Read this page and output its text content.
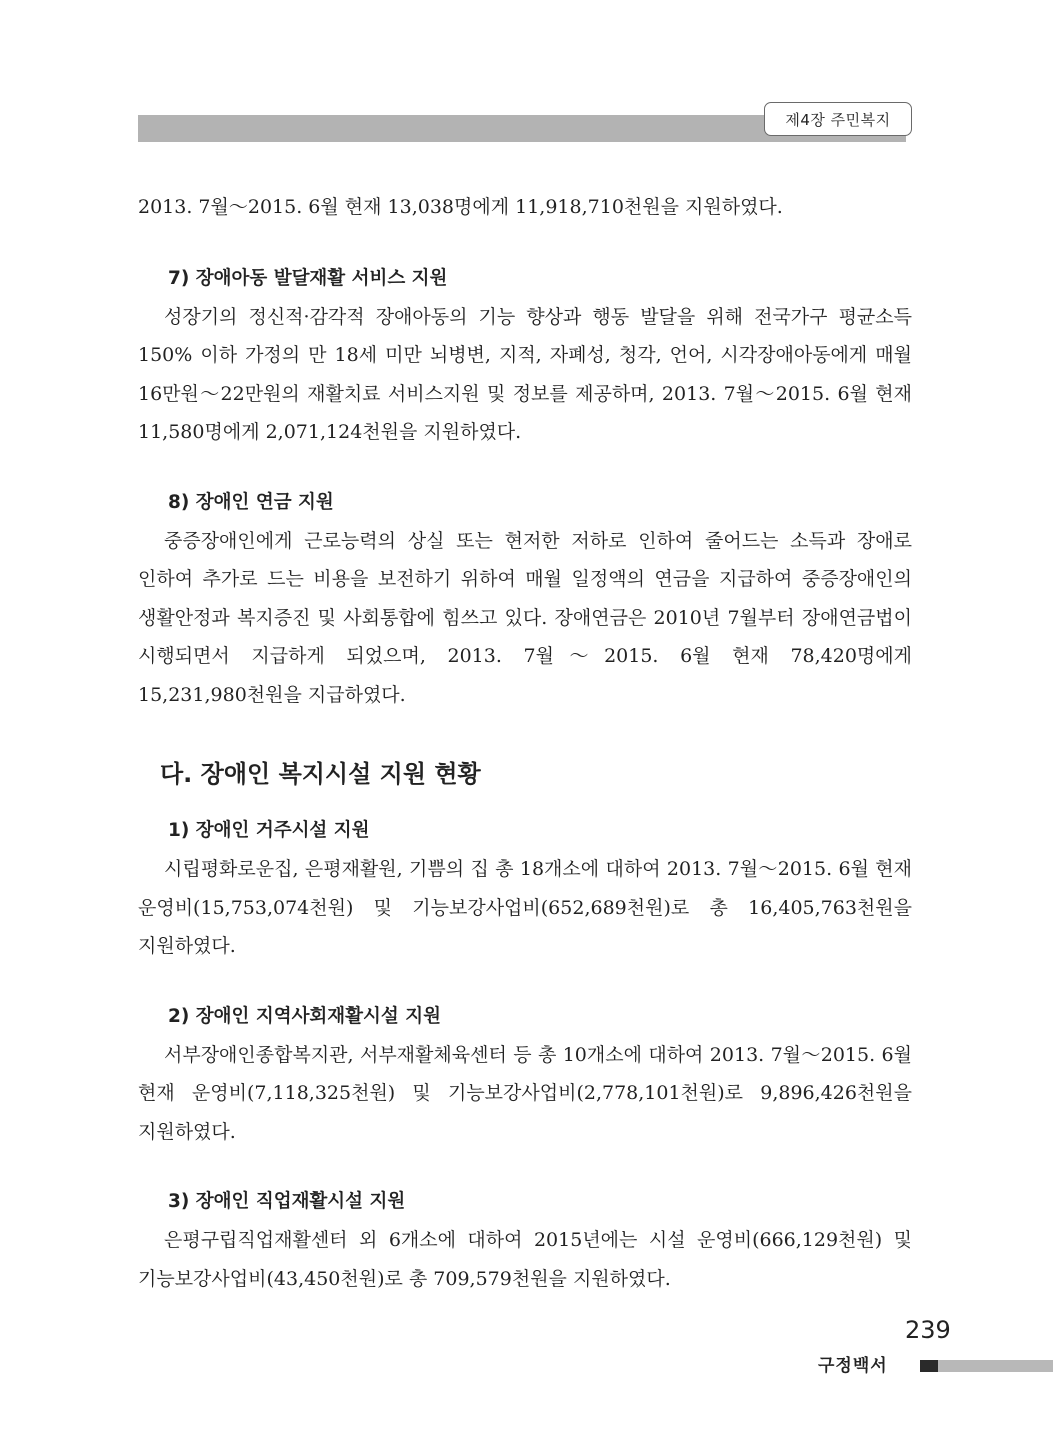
제4장 주민복지

2013. 7월～2015. 6월 현재 13,038명에게 11,918,710천원을 지원하였다.

7) 장애아동 발달재활 서비스 지원

성장기의 정신적·감각적 장애아동의 기능 향상과 행동 발달을 위해 전국가구 평균소득 150% 이하 가정의 만 18세 미만 뇌병변, 지적, 자폐성, 청각, 언어, 시각장애아동에게 매월 16만원～22만원의 재활치료 서비스지원 및 정보를 제공하며, 2013. 7월～2015. 6월 현재 11,580명에게 2,071,124천원을 지원하였다.

8) 장애인 연금 지원

중증장애인에게 근로능력의 상실 또는 현저한 저하로 인하여 줄어드는 소득과 장애로 인하여 추가로 드는 비용을 보전하기 위하여 매월 일정액의 연금을 지급하여 중증장애인의 생활안정과 복지증진 및 사회통합에 힘쓰고 있다. 장애연금은 2010년 7월부터 장애연금법이 시행되면서 지급하게 되었으며, 2013. 7월～2015. 6월 현재 78,420명에게 15,231,980천원을 지급하였다.

다. 장애인 복지시설 지원 현황
1) 장애인 거주시설 지원

시립평화로운집, 은평재활원, 기쁨의 집 총 18개소에 대하여 2013. 7월～2015. 6월 현재 운영비(15,753,074천원) 및 기능보강사업비(652,689천원)로 총 16,405,763천원을 지원하였다.

2) 장애인 지역사회재활시설 지원

서부장애인종합복지관, 서부재활체육센터 등 총 10개소에 대하여 2013. 7월～2015. 6월 현재 운영비(7,118,325천원) 및 기능보강사업비(2,778,101천원)로 9,896,426천원을 지원하였다.

3) 장애인 직업재활시설 지원

은평구립직업재활센터 외 6개소에 대하여 2015년에는 시설 운영비(666,129천원) 및 기능보강사업비(43,450천원)로 총 709,579천원을 지원하였다.

239
구정백서
